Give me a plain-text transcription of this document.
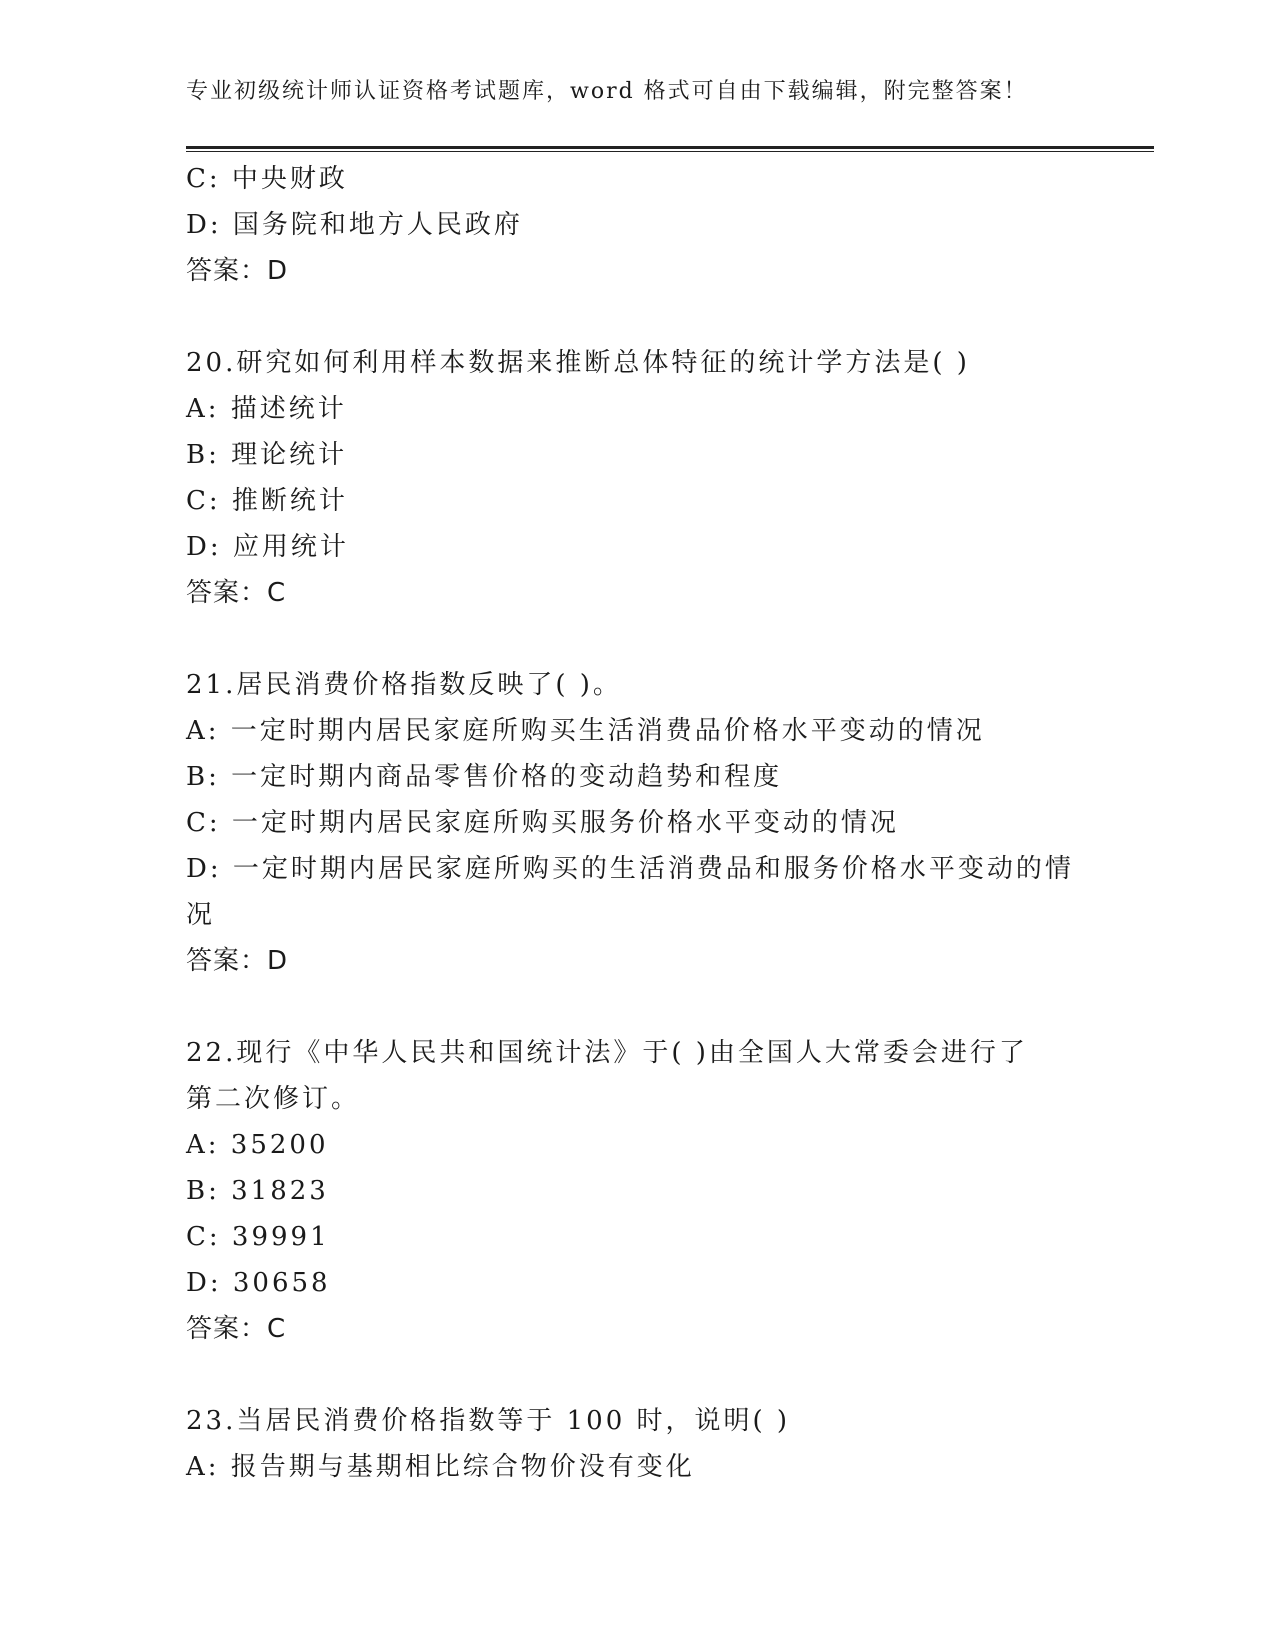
专业初级统计师认证资格考试题库，word 格式可自由下载编辑，附完整答案！
C: 中央财政
D: 国务院和地方人民政府
答案：D
20.研究如何利用样本数据来推断总体特征的统计学方法是( )
A: 描述统计
B: 理论统计
C: 推断统计
D: 应用统计
答案：C
21.居民消费价格指数反映了( )。
A: 一定时期内居民家庭所购买生活消费品价格水平变动的情况
B: 一定时期内商品零售价格的变动趋势和程度
C: 一定时期内居民家庭所购买服务价格水平变动的情况
D: 一定时期内居民家庭所购买的生活消费品和服务价格水平变动的情
况
答案：D
22.现行《中华人民共和国统计法》于( )由全国人大常委会进行了
第二次修订。
A: 35200
B: 31823
C: 39991
D: 30658
答案：C
23.当居民消费价格指数等于 100 时，说明( )
A: 报告期与基期相比综合物价没有变化
